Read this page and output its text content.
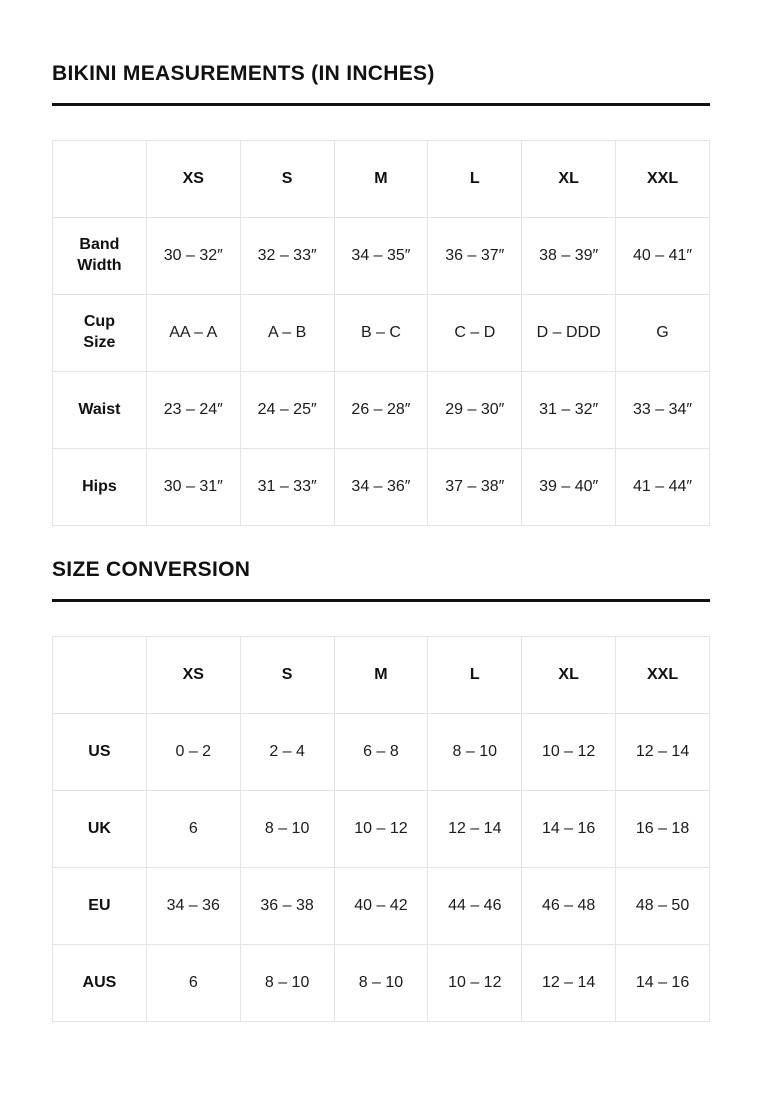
BIKINI MEASUREMENTS (IN INCHES)
	XS	S	M	L	XL	XXL
Band Width	30 – 32″	32 – 33″	34 – 35″	36 – 37″	38 – 39″	40 – 41″
Cup Size	AA – A	A – B	B – C	C – D	D – DDD	G
Waist	23 – 24″	24 – 25″	26 – 28″	29 – 30″	31 – 32″	33 – 34″
Hips	30 – 31″	31 – 33″	34 – 36″	37 – 38″	39 – 40″	41 – 44″
SIZE CONVERSION
	XS	S	M	L	XL	XXL
US	0 – 2	2 – 4	6 – 8	8 – 10	10 – 12	12 – 14
UK	6	8 – 10	10 – 12	12 – 14	14 – 16	16 – 18
EU	34 – 36	36 – 38	40 – 42	44 – 46	46 – 48	48 – 50
AUS	6	8 – 10	8 – 10	10 – 12	12 – 14	14 – 16
